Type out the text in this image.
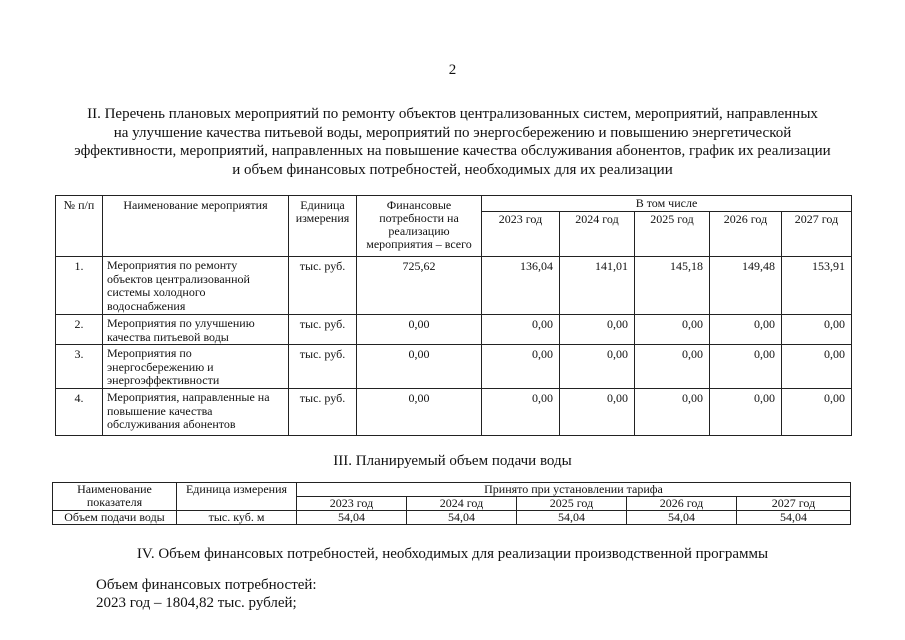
2
II. Перечень плановых мероприятий по ремонту объектов централизованных систем, мероприятий, направленных
на улучшение качества питьевой воды, мероприятий по энергосбережению и повышению энергетической
эффективности, мероприятий, направленных на повышение качества обслуживания абонентов, график их реализации
и объем финансовых потребностей, необходимых для их реализации
№ п/п	Наименование мероприятия	Единица измерения	Финансовые потребности на реализацию мероприятия – всего	В том числе				
				2023 год	2024 год	2025 год	2026 год	2027 год
1.	Мероприятия по ремонту объектов централизованной системы холодного водоснабжения	тыс. руб.	725,62	136,04	141,01	145,18	149,48	153,91
2.	Мероприятия по улучшению качества питьевой воды	тыс. руб.	0,00	0,00	0,00	0,00	0,00	0,00
3.	Мероприятия по энергосбережению и энергоэффективности	тыс. руб.	0,00	0,00	0,00	0,00	0,00	0,00
4.	Мероприятия, направленные на повышение качества обслуживания абонентов	тыс. руб.	0,00	0,00	0,00	0,00	0,00	0,00
III. Планируемый объем подачи воды
Наименование показателя	Единица измерения	Принято при установлении тарифа				
		2023 год	2024 год	2025 год	2026 год	2027 год
Объем подачи воды	тыс. куб. м	54,04	54,04	54,04	54,04	54,04
IV. Объем финансовых потребностей, необходимых для реализации производственной программы
Объем финансовых потребностей:
2023 год – 1804,82 тыс. рублей;
